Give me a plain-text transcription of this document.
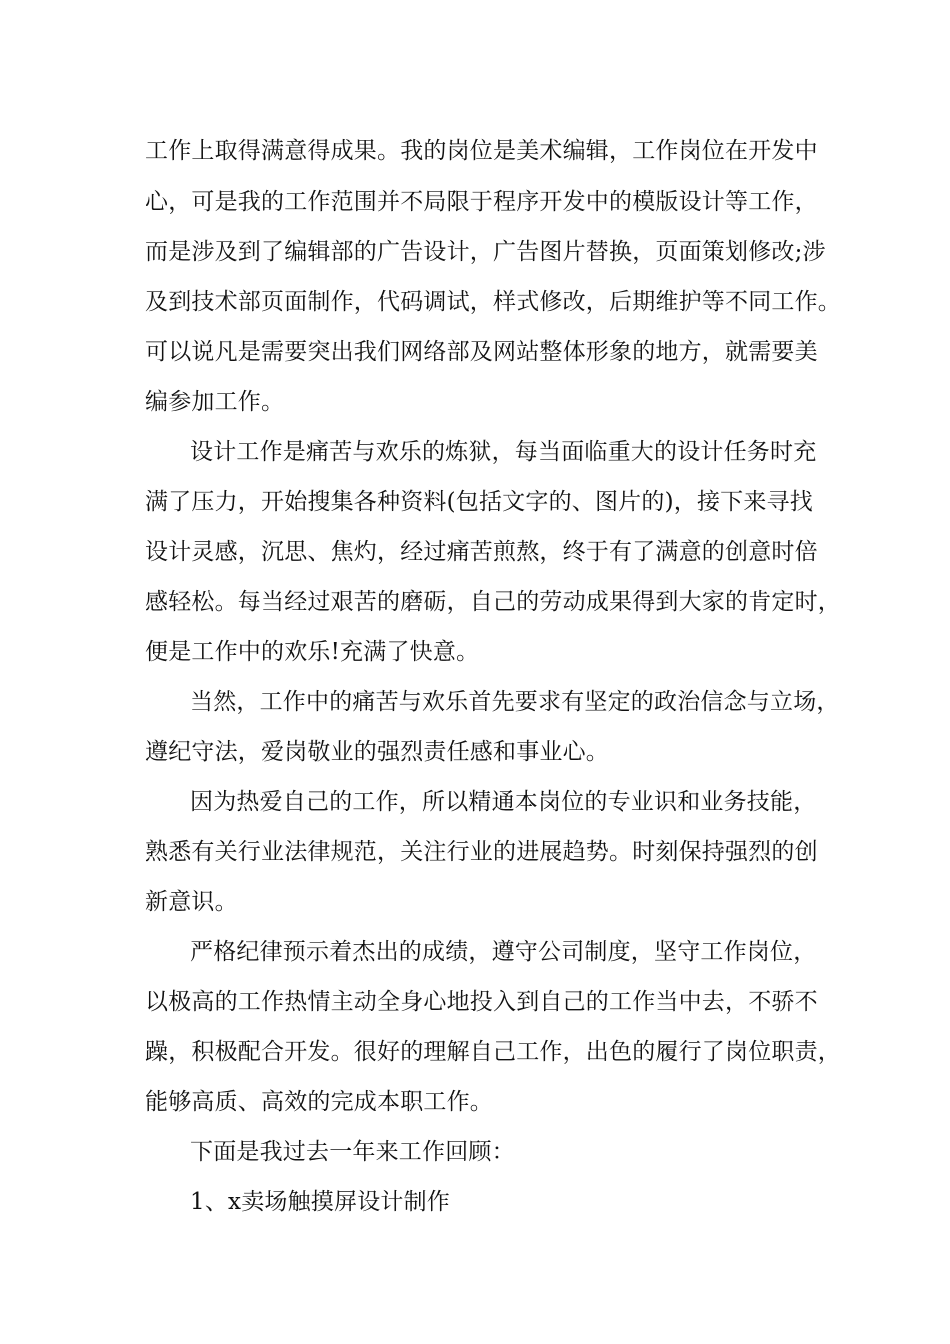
工作上取得满意得成果。我的岗位是美术编辑，工作岗位在开发中
心，可是我的工作范围并不局限于程序开发中的模版设计等工作，
而是涉及到了编辑部的广告设计，广告图片替换，页面策划修改;涉
及到技术部页面制作，代码调试，样式修改，后期维护等不同工作。
可以说凡是需要突出我们网络部及网站整体形象的地方，就需要美
编参加工作。
设计工作是痛苦与欢乐的炼狱，每当面临重大的设计任务时充
满了压力，开始搜集各种资料(包括文字的、图片的)，接下来寻找
设计灵感，沉思、焦灼，经过痛苦煎熬，终于有了满意的创意时倍
感轻松。每当经过艰苦的磨砺，自己的劳动成果得到大家的肯定时，
便是工作中的欢乐!充满了快意。
当然，工作中的痛苦与欢乐首先要求有坚定的政治信念与立场，
遵纪守法，爱岗敬业的强烈责任感和事业心。
因为热爱自己的工作，所以精通本岗位的专业识和业务技能，
熟悉有关行业法律规范，关注行业的进展趋势。时刻保持强烈的创
新意识。
严格纪律预示着杰出的成绩，遵守公司制度，坚守工作岗位，
以极高的工作热情主动全身心地投入到自己的工作当中去，不骄不
躁，积极配合开发。很好的理解自己工作，出色的履行了岗位职责，
能够高质、高效的完成本职工作。
下面是我过去一年来工作回顾：
1、x卖场触摸屏设计制作
